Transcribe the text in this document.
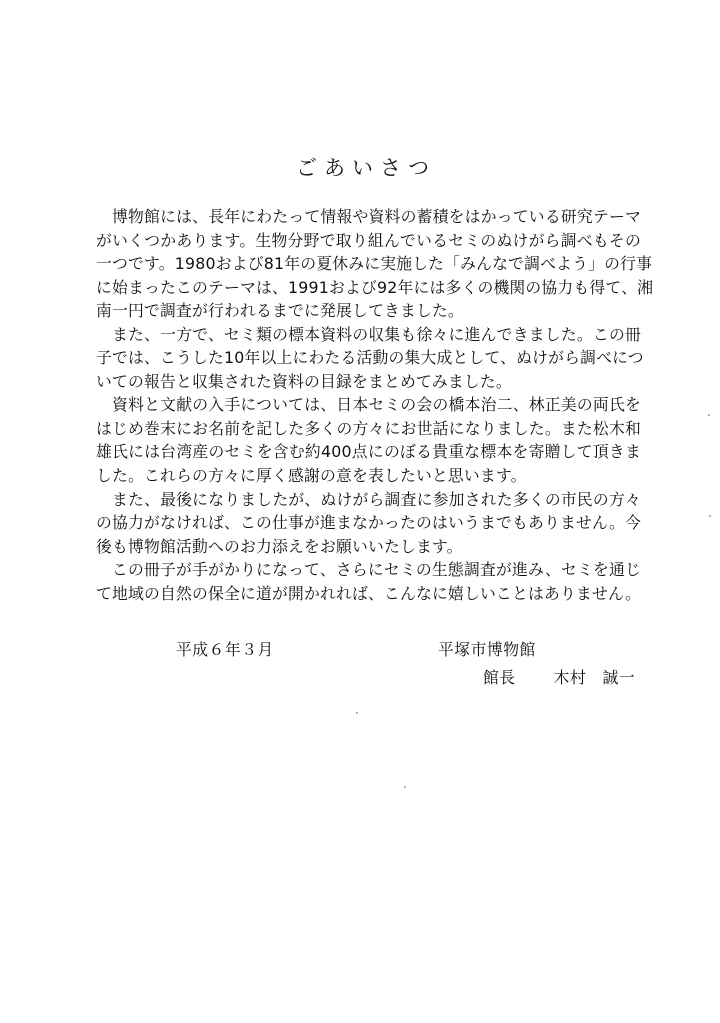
ごあいさつ
　博物館には、長年にわたって情報や資料の蓄積をはかっている研究テーマ
がいくつかあります。生物分野で取り組んでいるセミのぬけがら調べもその
一つです。1980および81年の夏休みに実施した「みんなで調べよう」の行事
に始まったこのテーマは、1991および92年には多くの機関の協力も得て、湘
南一円で調査が行われるまでに発展してきました。
　また、一方で、セミ類の標本資料の収集も徐々に進んできました。この冊
子では、こうした10年以上にわたる活動の集大成として、ぬけがら調べにつ
いての報告と収集された資料の目録をまとめてみました。
　資料と文献の入手については、日本セミの会の橋本治二、林正美の両氏を
はじめ巻末にお名前を記した多くの方々にお世話になりました。また松木和
雄氏には台湾産のセミを含む約400点にのぼる貴重な標本を寄贈して頂きま
した。これらの方々に厚く感謝の意を表したいと思います。
　また、最後になりましたが、ぬけがら調査に参加された多くの市民の方々
の協力がなければ、この仕事が進まなかったのはいうまでもありません。今
後も博物館活動へのお力添えをお願いいたします。
　この冊子が手がかりになって、さらにセミの生態調査が進み、セミを通じ
て地域の自然の保全に道が開かれれば、こんなに嬉しいことはありません。
平成６年３月	平塚市博物館
館長 木村　誠一
